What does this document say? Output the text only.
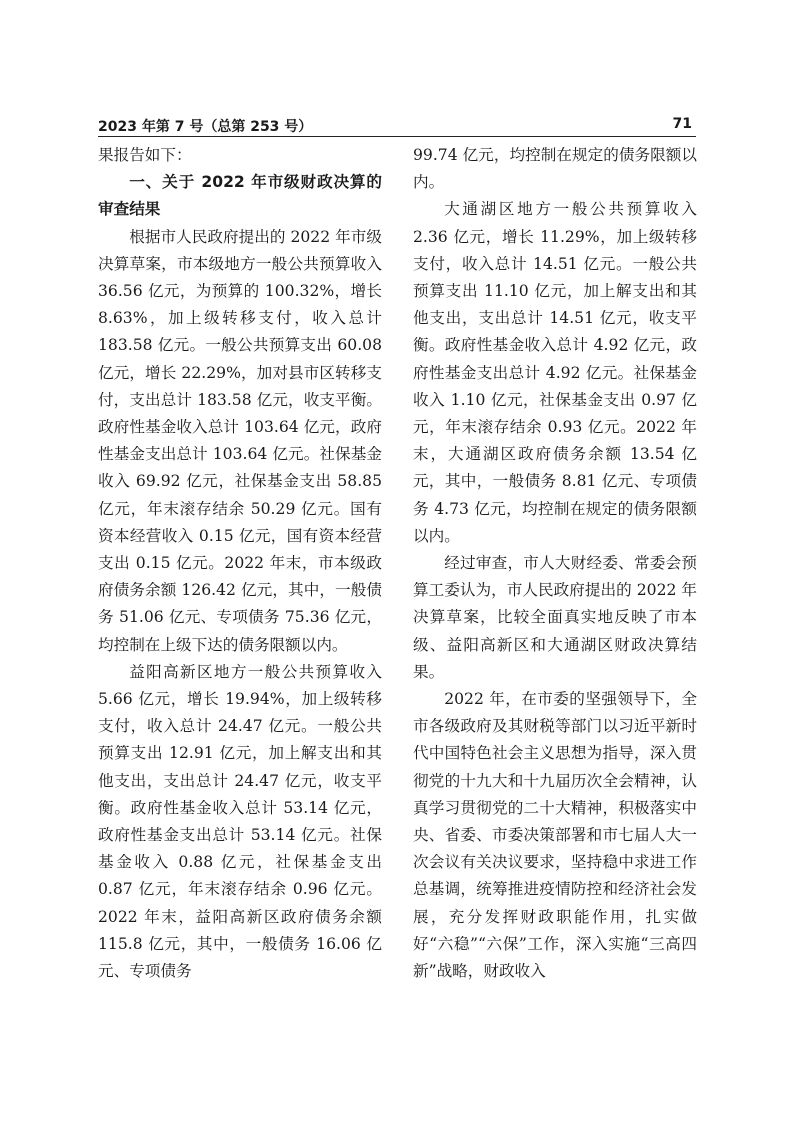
2023 年第 7 号（总第 253 号）	71

果报告如下：

一、关于 2022 年市级财政决算的审查结果

根据市人民政府提出的 2022 年市级决算草案，市本级地方一般公共预算收入 36.56 亿元，为预算的 100.32%，增长 8.63%，加上级转移支付，收入总计 183.58 亿元。一般公共预算支出 60.08 亿元，增长 22.29%，加对县市区转移支付，支出总计 183.58 亿元，收支平衡。政府性基金收入总计 103.64 亿元，政府性基金支出总计 103.64 亿元。社保基金收入 69.92 亿元，社保基金支出 58.85 亿元，年末滚存结余 50.29 亿元。国有资本经营收入 0.15 亿元，国有资本经营支出 0.15 亿元。2022 年末，市本级政府债务余额 126.42 亿元，其中，一般债务 51.06 亿元、专项债务 75.36 亿元，均控制在上级下达的债务限额以内。

益阳高新区地方一般公共预算收入 5.66 亿元，增长 19.94%，加上级转移支付，收入总计 24.47 亿元。一般公共预算支出 12.91 亿元，加上解支出和其他支出，支出总计 24.47 亿元，收支平衡。政府性基金收入总计 53.14 亿元，政府性基金支出总计 53.14 亿元。社保基金收入 0.88 亿元，社保基金支出 0.87 亿元，年末滚存结余 0.96 亿元。2022 年末，益阳高新区政府债务余额 115.8 亿元，其中，一般债务 16.06 亿元、专项债务

99.74 亿元，均控制在规定的债务限额以内。

大通湖区地方一般公共预算收入 2.36 亿元，增长 11.29%，加上级转移支付，收入总计 14.51 亿元。一般公共预算支出 11.10 亿元，加上解支出和其他支出，支出总计 14.51 亿元，收支平衡。政府性基金收入总计 4.92 亿元，政府性基金支出总计 4.92 亿元。社保基金收入 1.10 亿元，社保基金支出 0.97 亿元，年末滚存结余 0.93 亿元。2022 年末，大通湖区政府债务余额 13.54 亿元，其中，一般债务 8.81 亿元、专项债务 4.73 亿元，均控制在规定的债务限额以内。

经过审查，市人大财经委、常委会预算工委认为，市人民政府提出的 2022 年决算草案，比较全面真实地反映了市本级、益阳高新区和大通湖区财政决算结果。

2022 年，在市委的坚强领导下，全市各级政府及其财税等部门以习近平新时代中国特色社会主义思想为指导，深入贯彻党的十九大和十九届历次全会精神，认真学习贯彻党的二十大精神，积极落实中央、省委、市委决策部署和市七届人大一次会议有关决议要求，坚持稳中求进工作总基调，统筹推进疫情防控和经济社会发展，充分发挥财政职能作用，扎实做好“六稳”“六保”工作，深入实施“三高四新”战略，财政收入
